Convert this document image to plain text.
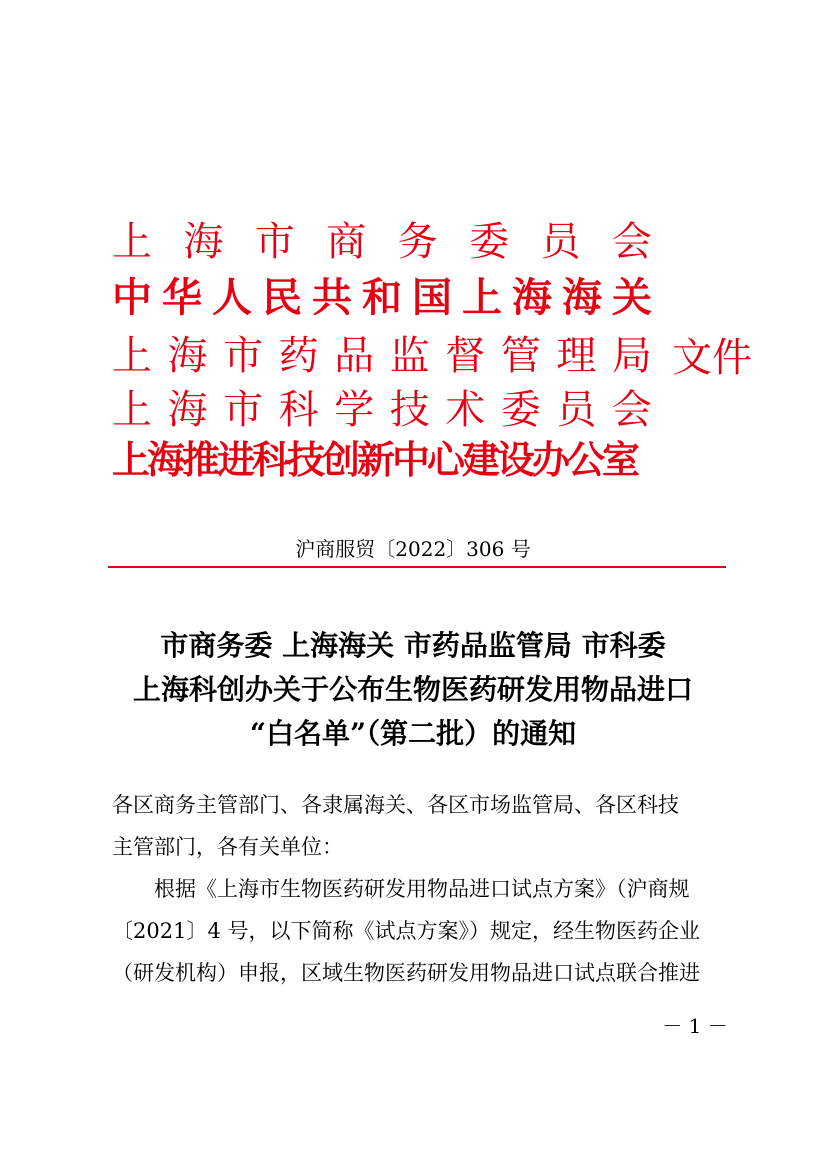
上 海 市 商 务 委 员 会
中 华 人 民 共 和 国 上 海 海 关
上 海 市 药 品 监 督 管 理 局
上 海 市 科 学 技 术 委 员 会
上海推进科技创新中心建设办公室
文件
沪商服贸〔2022〕306 号
市商务委 上海海关 市药品监管局 市科委
上海科创办关于公布生物医药研发用物品进口
“白名单”（第二批）的通知
各区商务主管部门、各隶属海关、各区市场监管局、各区科技
主管部门，各有关单位：
　　根据《上海市生物医药研发用物品进口试点方案》（沪商规
〔2021〕4 号，以下简称《试点方案》）规定，经生物医药企业
（研发机构）申报，区域生物医药研发用物品进口试点联合推进
－ 1 －
